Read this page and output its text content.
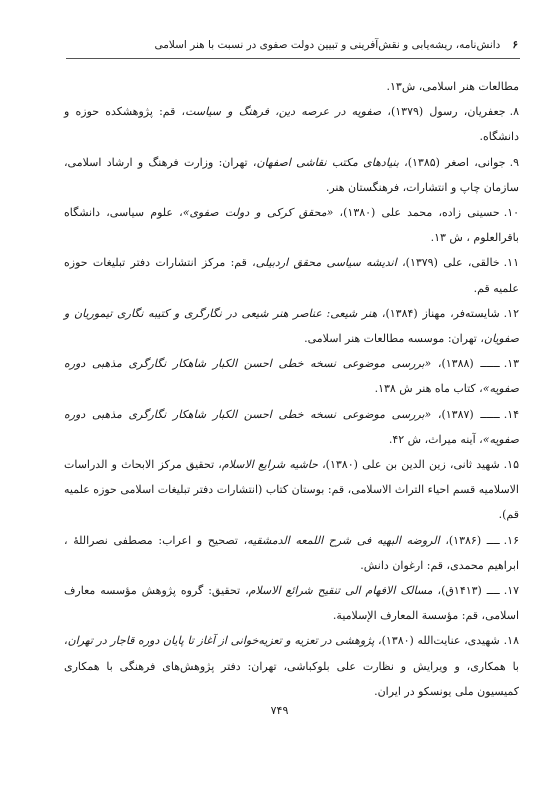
۶
دانش‌نامه، ریشه‌یابی و نقش‌آفرینی و تبیین دولت صفوی در نسبت با هنر اسلامی

مطالعات هنر اسلامی، ش۱۳.

۸.جعفریان، رسول (۱۳۷۹)، صفویه در عرصه دین، فرهنگ و سیاست، قم: پژوهشکده حوزه و دانشگاه.

۹.جوانی، اصغر (۱۳۸۵)، بنیادهای مکتب نقاشی اصفهان، تهران: وزارت فرهنگ و ارشاد اسلامی، سازمان چاپ و انتشارات، فرهنگستان هنر.

۱۰.حسینی زاده، محمد علی (۱۳۸۰)، «محقق کرکی و دولت صفوی»، علوم سیاسی، دانشگاه باقرالعلوم ، ش ۱۳.

۱۱.خالقی، علی (۱۳۷۹)، اندیشه سیاسی محقق اردبیلی، قم: مرکز انتشارات دفتر تبلیغات حوزه علمیه قم.

۱۲.شایسته‌فر، مهناز (۱۳۸۴)، هنر شیعی: عناصر هنر شیعی در نگارگری و کتیبه نگاری تیموریان و صفویان، تهران: موسسه مطالعات هنر اسلامی.

۱۳.ــــــ (۱۳۸۸)، «بررسی موضوعی نسخه خطی احسن الکبار شاهکار نگارگری مذهبی دوره صفویه»، کتاب ماه هنر ش ۱۳۸.

۱۴.ــــــ (۱۳۸۷)، «بررسی موضوعی نسخه خطی احسن الکبار شاهکار نگارگری مذهبی دوره صفویه»، آینه میراث، ش ۴۲.

۱۵.شهید ثانی، زین الدین بن علی (۱۳۸۰)، حاشیه شرایع الاسلام، تحقیق مرکز الابحاث و الدراسات الاسلامیه قسم احیاء التراث الاسلامی، قم: بوستان کتاب (انتشارات دفتر تبلیغات اسلامی حوزه علمیه قم).

۱۶.ــــ (۱۳۸۶)، الروضه البهیه فی شرح اللمعه الدمشقیه، تصحیح و اعراب: مصطفی نصراللهٔ ، ابراهیم محمدی، قم: ارغوان دانش.

۱۷.ــــ (۱۴۱۳ق)، مسالک الافهام الی تنقیح شرائع الاسلام، تحقیق: گروه پژوهش مؤسسه معارف اسلامی، قم: مؤسسة المعارف الإسلامیة.

۱۸.شهیدی، عنایت‌الله (۱۳۸۰)، پژوهشی در تعزیه و تعزیه‌خوانی از آغاز تا پایان دوره قاجار در تهران، با همکاری، و ویرایش و نظارت علی بلوکباشی، تهران: دفتر پژوهش‌های فرهنگی با همکاری کمیسیون ملی یونسکو در ایران.

۷۴۹
